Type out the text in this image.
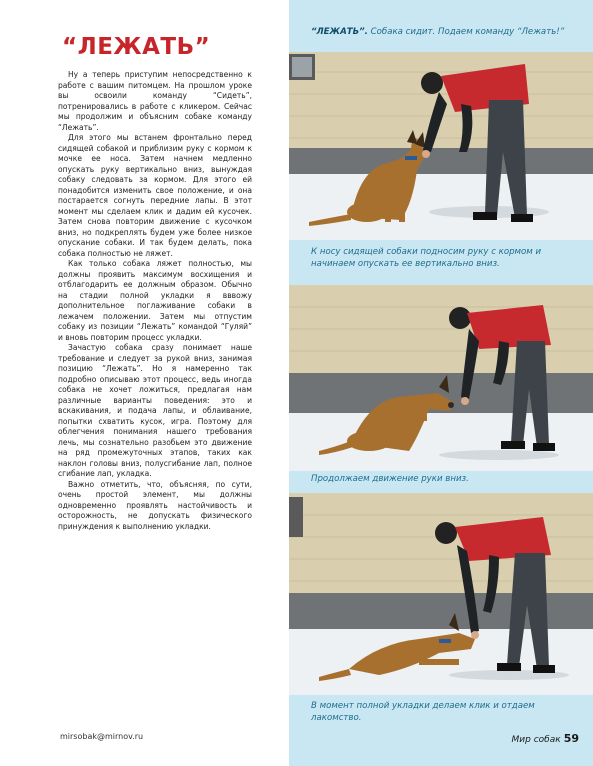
“ЛЕЖАТЬ”

Ну а теперь приступим непосредственно к работе с вашим питомцем. На прошлом уроке вы освоили команду “Сидеть”, потренировались в работе с кликером. Сейчас мы продолжим и объясним собаке команду “Лежать”.

Для этого мы встанем фронтально перед сидящей собакой и приблизим руку с кормом к мочке ее носа. Затем начнем медленно опускать руку вертикально вниз, вынуждая собаку следовать за кормом. Для этого ей понадобится изменить свое положение, и она постарается согнуть передние лапы. В этот момент мы сделаем клик и дадим ей кусочек. Затем снова повторим движение с кусочком вниз, но подкреплять будем уже более низкое опускание собаки. И так будем делать, пока собака полностью не ляжет.

Как только собака ляжет полностью, мы должны проявить максимум восхищения и отблагодарить ее должным образом. Обычно на стадии полной укладки я вввожу дополнительное поглаживание собаки в лежачем положении. Затем мы отпустим собаку из позиции “Лежать” командой “Гуляй” и вновь повторим процесс укладки.

Зачастую собака сразу понимает наше требование и следует за рукой вниз, занимая позицию “Лежать”. Но я намеренно так подробно описываю этот процесс, ведь иногда собака не хочет ложиться, предлагая нам различные варианты поведения: это и вскакивания, и подача лапы, и облаивание, попытки схватить кусок, игра. Поэтому для облегчения понимания нашего требования лечь, мы сознательно разобьем это движение на ряд промежуточных этапов, таких как наклон головы вниз, полусгибание лап, полное сгибание лап, укладка.

Важно отметить, что, объясняя, по сути, очень простой элемент, мы должны одновременно проявлять настойчивость и осторожность, не допускать физического принуждения к выполнению укладки.

mirsobak@mirnov.ru

“ЛЕЖАТЬ”. Собака сидит. Подаем команду “Лежать!”

К носу сидящей собаки подносим руку с кормом и начинаем опускать ее вертикально вниз.

Продолжаем движение руки вниз.

В момент полной укладки делаем клик и отдаем лакомство.

Мир собак 59
